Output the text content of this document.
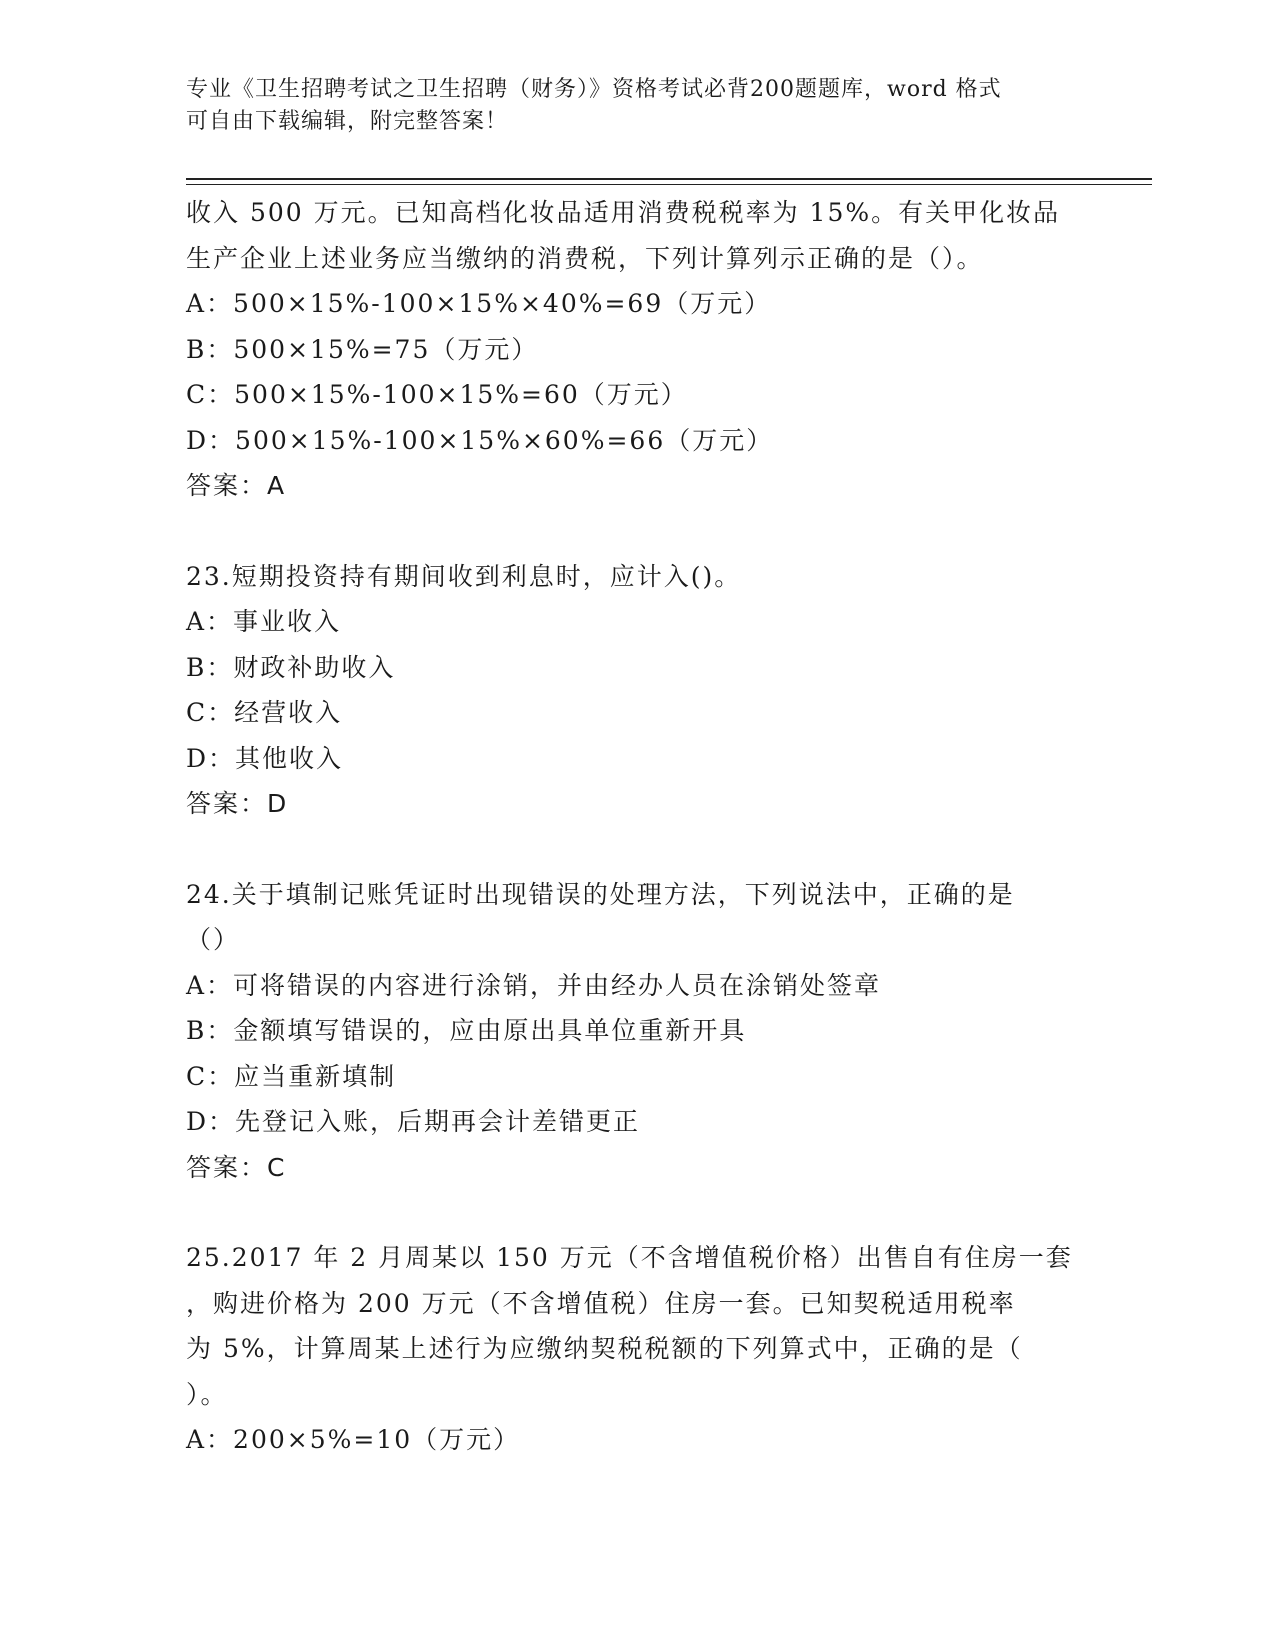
专业《卫生招聘考试之卫生招聘（财务）》资格考试必背200题题库，word 格式
可自由下载编辑，附完整答案！
收入 500 万元。已知高档化妆品适用消费税税率为 15%。有关甲化妆品
生产企业上述业务应当缴纳的消费税，下列计算列示正确的是（）。
A：500×15%-100×15%×40%=69（万元）
B：500×15%=75（万元）
C：500×15%-100×15%=60（万元）
D：500×15%-100×15%×60%=66（万元）
答案：A
23.短期投资持有期间收到利息时，应计入()。
A：事业收入
B：财政补助收入
C：经营收入
D：其他收入
答案：D
24.关于填制记账凭证时出现错误的处理方法，下列说法中，正确的是
（）
A：可将错误的内容进行涂销，并由经办人员在涂销处签章
B：金额填写错误的，应由原出具单位重新开具
C：应当重新填制
D：先登记入账，后期再会计差错更正
答案：C
25.2017 年 2 月周某以 150 万元（不含增值税价格）出售自有住房一套
，购进价格为 200 万元（不含增值税）住房一套。已知契税适用税率
为 5%，计算周某上述行为应缴纳契税税额的下列算式中，正确的是（
）。
A：200×5%=10（万元）
